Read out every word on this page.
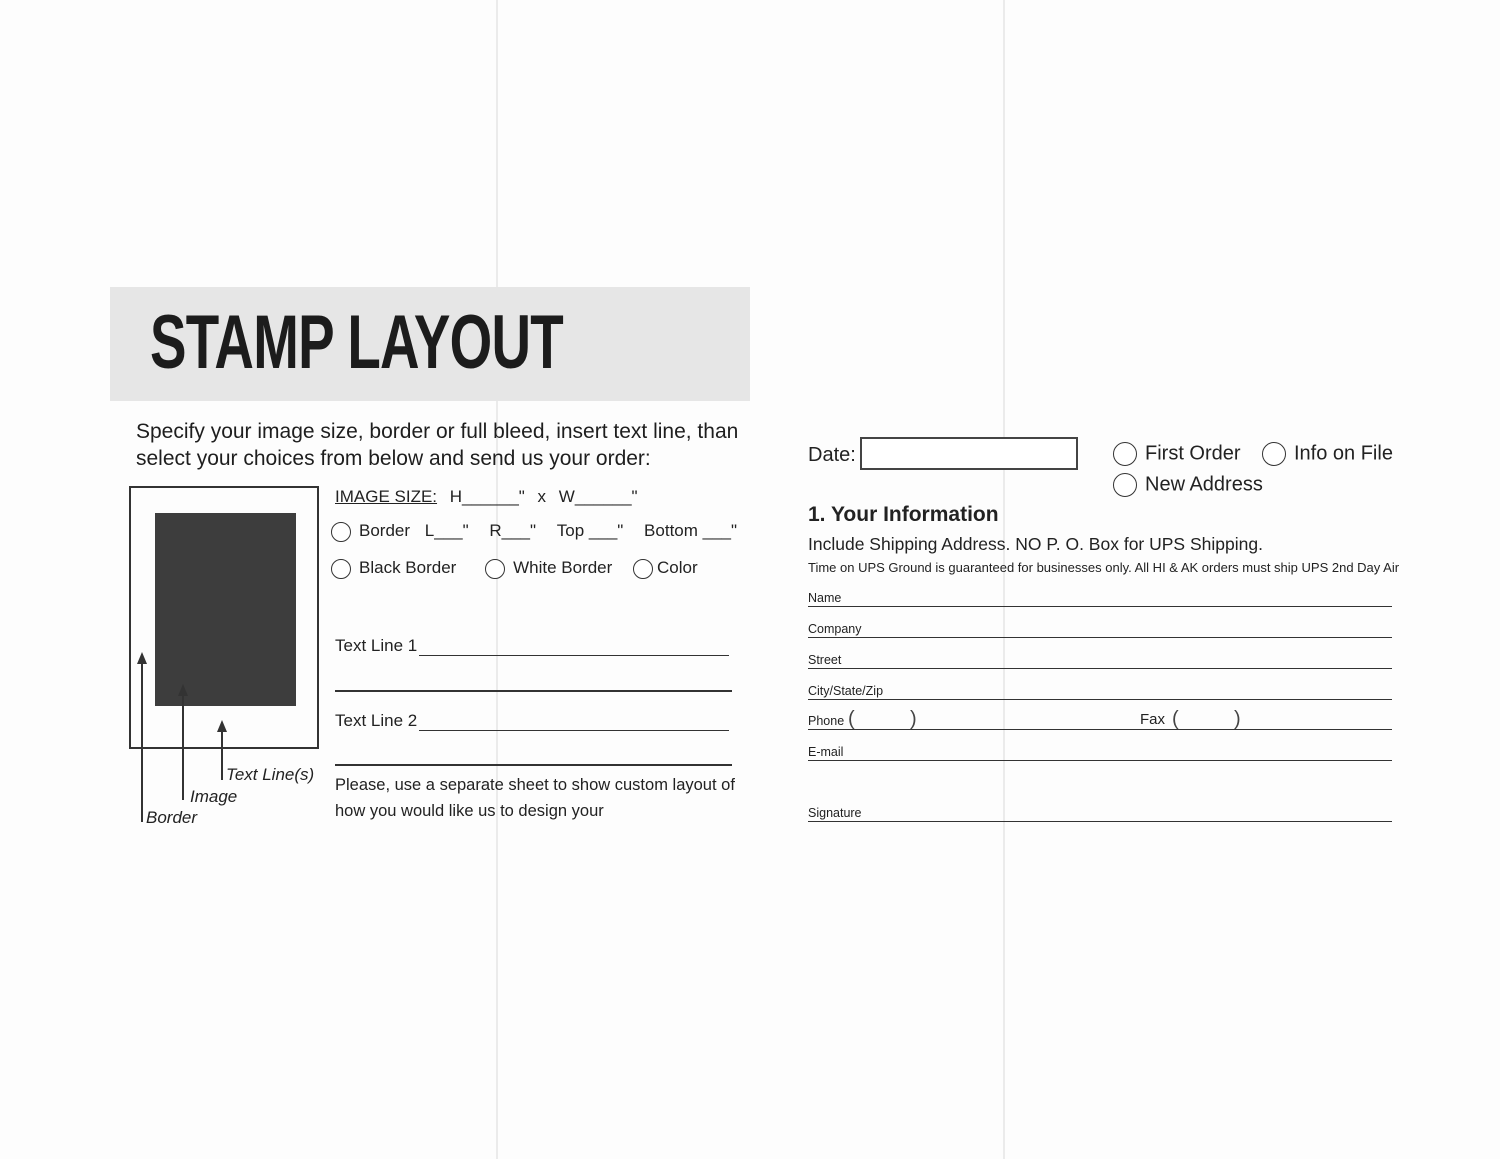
STAMP LAYOUT
Specify your image size, border or full bleed, insert text line, than
select your choices from below and send us your order:
Text Line(s)
Image
Border
IMAGE SIZE: H______" x W______"
Border L___" R___" Top ___" Bottom ___"
Black Border	White Border	Color
Text Line 1
Text Line 2
Please, use a separate sheet to show custom layout of
how you would like us to design your
Date:	First Order	Info on File
New Address
1. Your Information
Include Shipping Address. NO P. O. Box for UPS Shipping.
Time on UPS Ground is guaranteed for businesses only. All HI & AK orders must ship UPS 2nd Day Air
Name
Company
Street
City/State/Zip
Phone (	)	Fax (	)
E-mail
Signature
